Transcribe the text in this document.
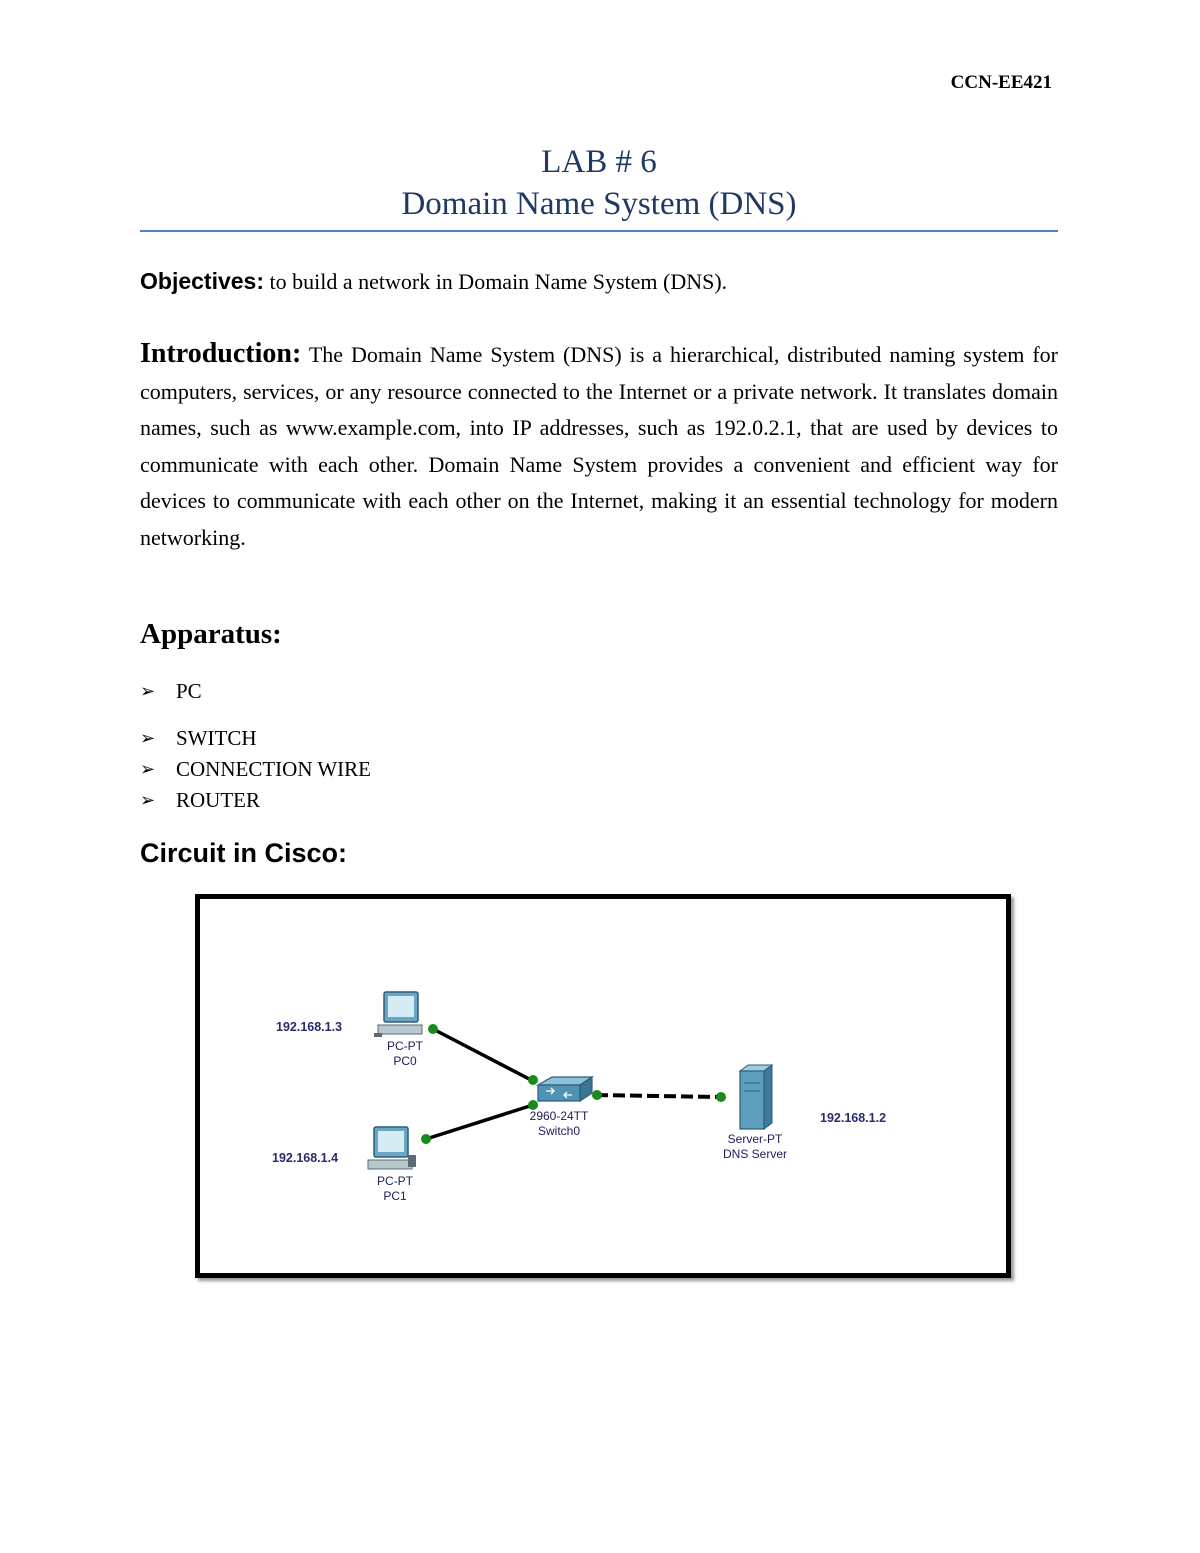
CCN-EE421
LAB # 6
Domain Name System (DNS)
Objectives: to build a network in Domain Name System (DNS).
Introduction: The Domain Name System (DNS) is a hierarchical, distributed naming system for computers, services, or any resource connected to the Internet or a private network. It translates domain names, such as www.example.com, into IP addresses, such as 192.0.2.1, that are used by devices to communicate with each other. Domain Name System provides a convenient and efficient way for devices to communicate with each other on the Internet, making it an essential technology for modern networking.
Apparatus:
➢ PC
➢ SWITCH
➢ CONNECTION WIRE
➢ ROUTER
Circuit in Cisco:
192.168.1.3
PC-PT
PC0
192.168.1.4
PC-PT
PC1
2960-24TT
Switch0
Server-PT
DNS Server
192.168.1.2
